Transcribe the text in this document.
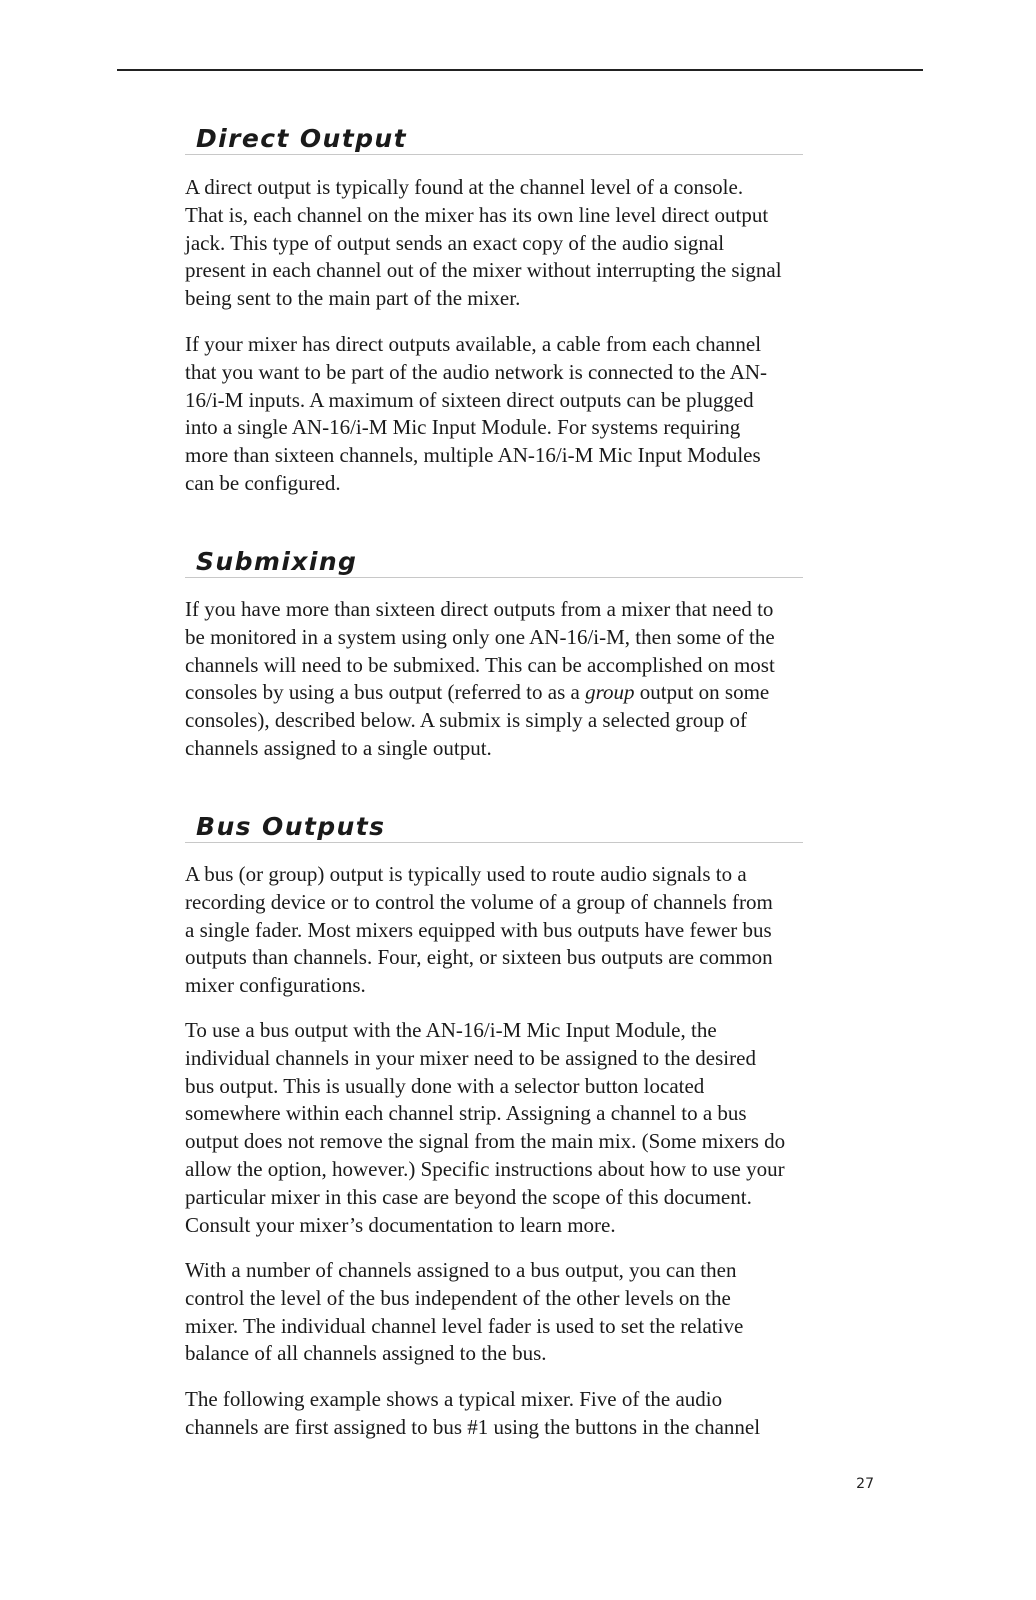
Direct Output

A direct output is typically found at the channel level of a console.
That is, each channel on the mixer has its own line level direct output
jack. This type of output sends an exact copy of the audio signal
present in each channel out of the mixer without interrupting the signal
being sent to the main part of the mixer.

If your mixer has direct outputs available, a cable from each channel
that you want to be part of the audio network is connected to the AN-
16/i-M inputs. A maximum of sixteen direct outputs can be plugged
into a single AN-16/i-M Mic Input Module. For systems requiring
more than sixteen channels, multiple AN-16/i-M Mic Input Modules
can be configured.

Submixing

If you have more than sixteen direct outputs from a mixer that need to
be monitored in a system using only one AN-16/i-M, then some of the
channels will need to be submixed. This can be accomplished on most
consoles by using a bus output (referred to as a group output on some
consoles), described below. A submix is simply a selected group of
channels assigned to a single output.

Bus Outputs

A bus (or group) output is typically used to route audio signals to a
recording device or to control the volume of a group of channels from
a single fader. Most mixers equipped with bus outputs have fewer bus
outputs than channels. Four, eight, or sixteen bus outputs are common
mixer configurations.

To use a bus output with the AN-16/i-M Mic Input Module, the
individual channels in your mixer need to be assigned to the desired
bus output. This is usually done with a selector button located
somewhere within each channel strip. Assigning a channel to a bus
output does not remove the signal from the main mix. (Some mixers do
allow the option, however.) Specific instructions about how to use your
particular mixer in this case are beyond the scope of this document.
Consult your mixer’s documentation to learn more.

With a number of channels assigned to a bus output, you can then
control the level of the bus independent of the other levels on the
mixer. The individual channel level fader is used to set the relative
balance of all channels assigned to the bus.

The following example shows a typical mixer. Five of the audio
channels are first assigned to bus #1 using the buttons in the channel

27
